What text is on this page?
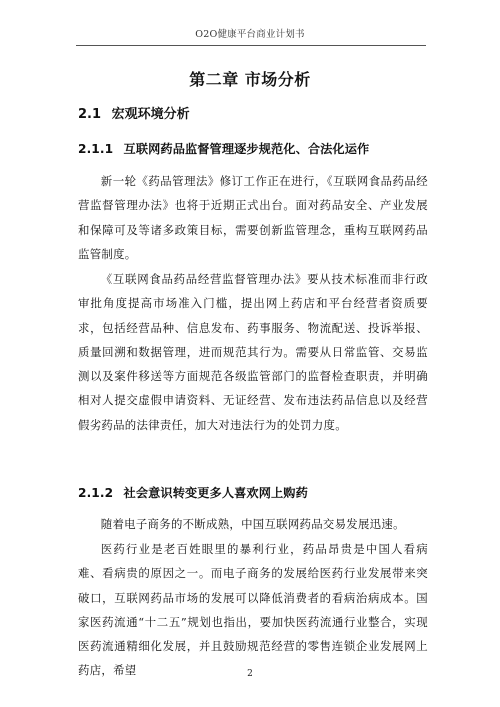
O2O健康平台商业计划书
第二章 市场分析
2.1 宏观环境分析
2.1.1 互联网药品监督管理逐步规范化、合法化运作

新一轮《药品管理法》修订工作正在进行，《互联网食品药品经营监督管理办法》也将于近期正式出台。面对药品安全、产业发展和保障可及等诸多政策目标，需要创新监管理念，重构互联网药品监管制度。

《互联网食品药品经营监督管理办法》要从技术标准而非行政审批角度提高市场准入门槛，提出网上药店和平台经营者资质要求，包括经营品种、信息发布、药事服务、物流配送、投诉举报、质量回溯和数据管理，进而规范其行为。需要从日常监管、交易监测以及案件移送等方面规范各级监管部门的监督检查职责，并明确相对人提交虚假申请资料、无证经营、发布违法药品信息以及经营假劣药品的法律责任，加大对违法行为的处罚力度。

2.1.2 社会意识转变更多人喜欢网上购药

随着电子商务的不断成熟，中国互联网药品交易发展迅速。

医药行业是老百姓眼里的暴利行业，药品昂贵是中国人看病难、看病贵的原因之一。而电子商务的发展给医药行业发展带来突破口，互联网药品市场的发展可以降低消费者的看病治病成本。国家医药流通“十二五”规划也指出，要加快医药流通行业整合，实现医药流通精细化发展，并且鼓励规范经营的零售连锁企业发展网上药店，希望	2
